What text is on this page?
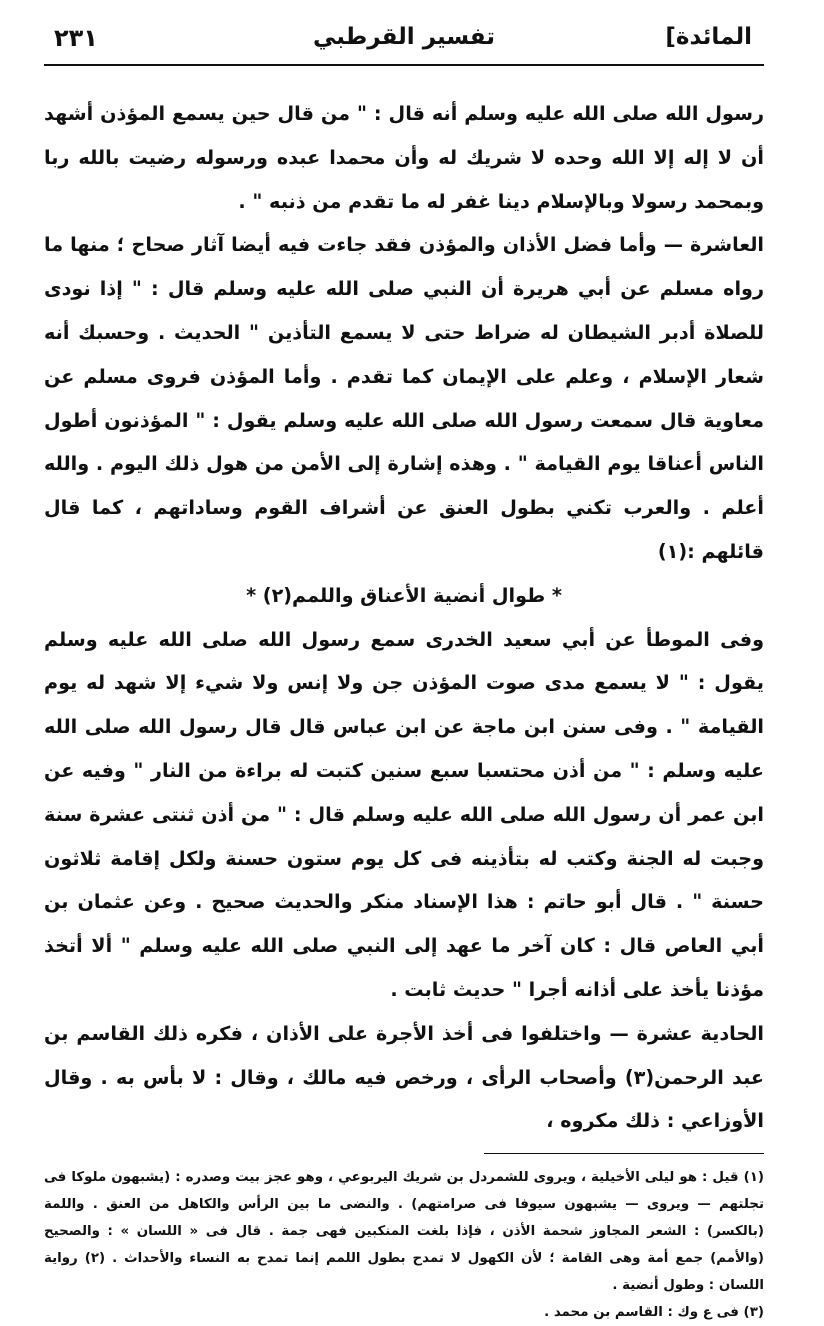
المائدة]
تفسير القرطبي
٢٣١

رسول الله صلى الله عليه وسلم أنه قال : " من قال حين يسمع المؤذن أشهد أن لا إله إلا الله وحده لا شريك له وأن محمدا عبده ورسوله رضيت بالله ربا وبمحمد رسولا وبالإسلام دينا غفر له ما تقدم من ذنبه " .

العاشرة — وأما فضل الأذان والمؤذن فقد جاءت فيه أيضا آثار صحاح ؛ منها ما رواه مسلم عن أبي هريرة أن النبي صلى الله عليه وسلم قال : " إذا نودى للصلاة أدبر الشيطان له ضراط حتى لا يسمع التأذين " الحديث . وحسبك أنه شعار الإسلام ، وعلم على الإيمان كما تقدم . وأما المؤذن فروى مسلم عن معاوية قال سمعت رسول الله صلى الله عليه وسلم يقول : " المؤذنون أطول الناس أعناقا يوم القيامة " . وهذه إشارة إلى الأمن من هول ذلك اليوم . والله أعلم . والعرب تكني بطول العنق عن أشراف القوم وساداتهم ، كما قال قائلهم :(١)

* طوال أنضية الأعناق واللمم(٢) *

وفى الموطأ عن أبي سعيد الخدرى سمع رسول الله صلى الله عليه وسلم يقول : " لا يسمع مدى صوت المؤذن جن ولا إنس ولا شيء إلا شهد له يوم القيامة " . وفى سنن ابن ماجة عن ابن عباس قال قال رسول الله صلى الله عليه وسلم : " من أذن محتسبا سبع سنين كتبت له براءة من النار " وفيه عن ابن عمر أن رسول الله صلى الله عليه وسلم قال : " من أذن ثنتى عشرة سنة وجبت له الجنة وكتب له بتأذينه فى كل يوم ستون حسنة ولكل إقامة ثلاثون حسنة " . قال أبو حاتم : هذا الإسناد منكر والحديث صحيح . وعن عثمان بن أبي العاص قال : كان آخر ما عهد إلى النبي صلى الله عليه وسلم " ألا أتخذ مؤذنا يأخذ على أذانه أجرا " حديث ثابت .

الحادية عشرة — واختلفوا فى أخذ الأجرة على الأذان ، فكره ذلك القاسم بن عبد الرحمن(٣) وأصحاب الرأى ، ورخص فيه مالك ، وقال : لا بأس به . وقال الأوزاعي : ذلك مكروه ،

(١) قيل : هو ليلى الأخيلية ، ويروى للشمردل بن شريك اليربوعي ، وهو عجز بيت وصدره : (يشبهون ملوكا فى تجلتهم — ويروى — يشبهون سيوفا فى صرامتهم) . والنضى ما بين الرأس والكاهل من العنق . واللمة (بالكسر) : الشعر المجاوز شحمة الأذن ، فإذا بلغت المنكبين فهى جمة . قال فى « اللسان » : والصحيح (والأمم) جمع أمة وهى القامة ؛ لأن الكهول لا تمدح بطول اللمم إنما تمدح به النساء والأحداث . (٢) رواية اللسان : وطول أنضية .

(٣) فى ع وك : القاسم بن محمد .
